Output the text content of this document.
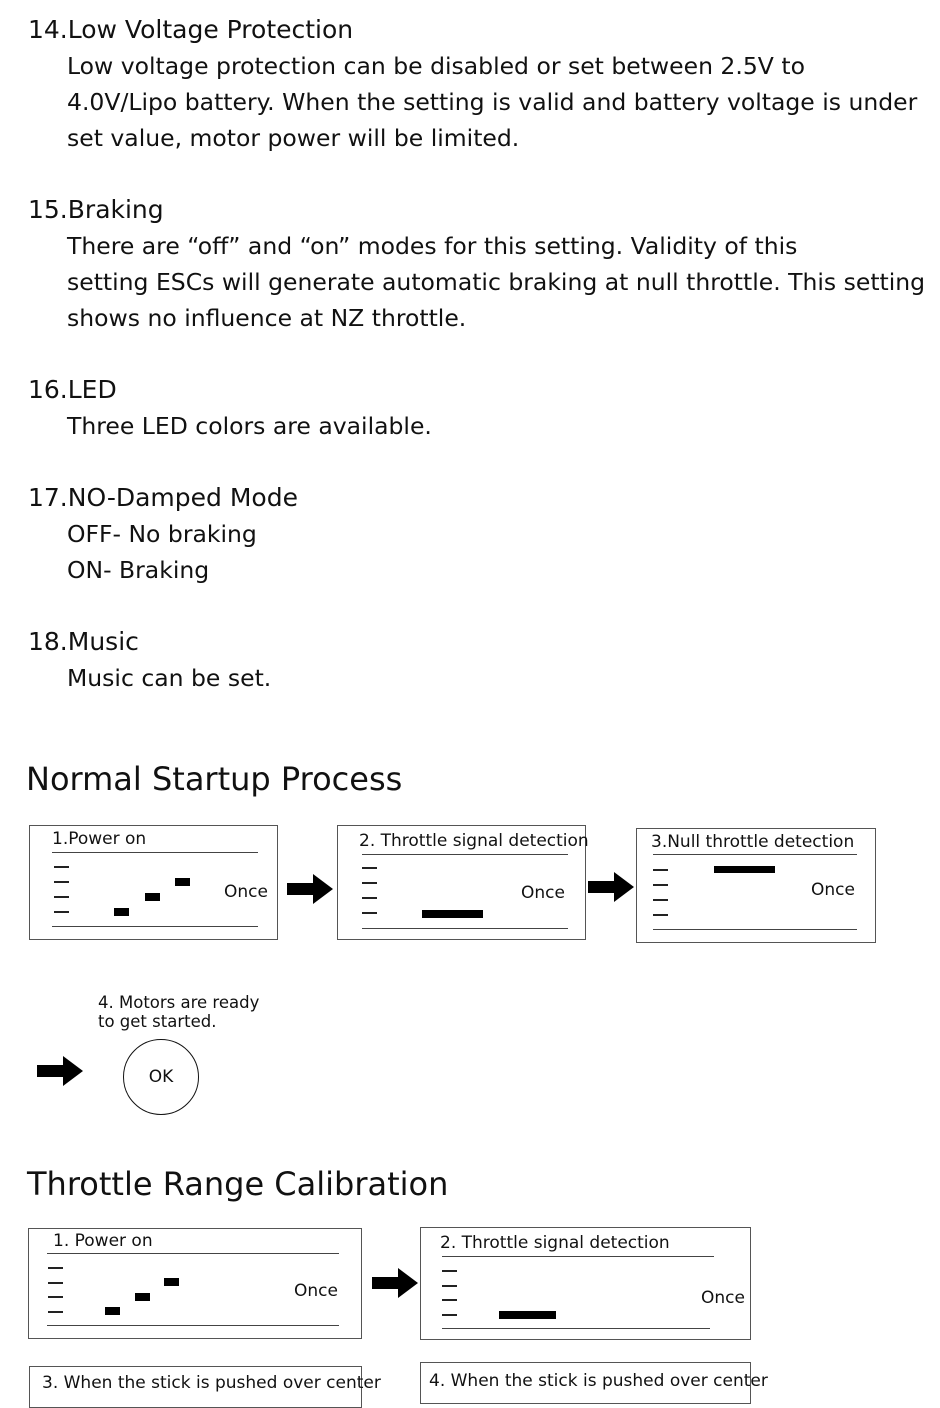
14.Low Voltage Protection
Low voltage protection can be disabled or set between 2.5V to
4.0V/Lipo battery. When the setting is valid and battery voltage is under
set value, motor power will be limited.
15.Braking
There are “off” and “on” modes for this setting. Validity of this
setting ESCs will generate automatic braking at null throttle. This setting
shows no influence at NZ throttle.
16.LED
Three LED colors are available.
17.NO-Damped Mode
OFF- No braking
ON- Braking
18.Music
Music can be set.
Normal Startup Process
1.Power on
Once
2. Throttle signal detection
Once
3.Null throttle detection
Once
4. Motors are ready
to get started.
OK
Throttle Range Calibration
1. Power on
Once
2. Throttle signal detection
Once
3. When the stick is pushed over center	4. When the stick is pushed over center
